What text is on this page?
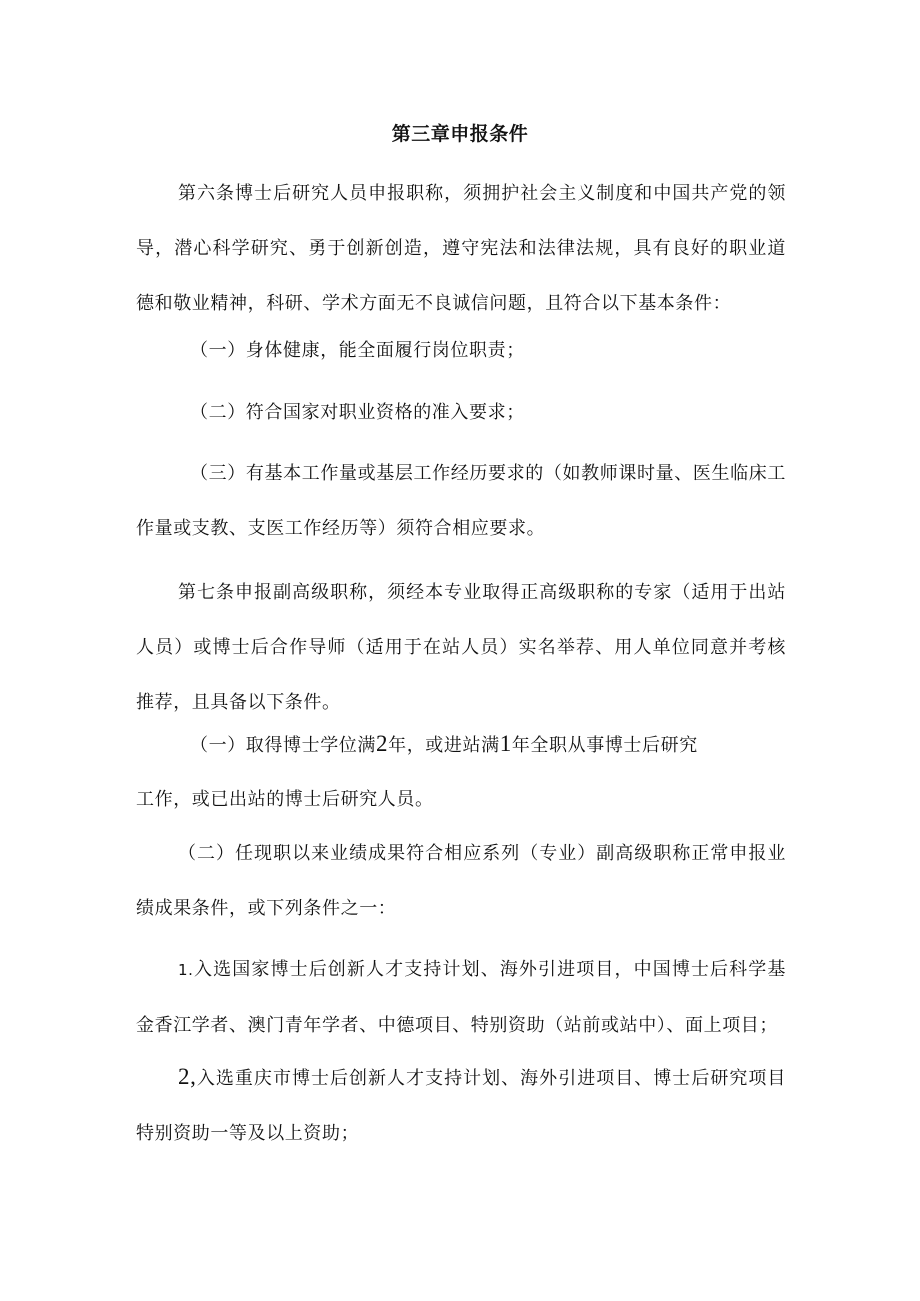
第三章申报条件
第六条博士后研究人员申报职称，须拥护社会主义制度和中国共产党的领导，潜心科学研究、勇于创新创造，遵守宪法和法律法规，具有良好的职业道德和敬业精神，科研、学术方面无不良诚信问题，且符合以下基本条件：
（一）身体健康，能全面履行岗位职责；
（二）符合国家对职业资格的准入要求；
（三）有基本工作量或基层工作经历要求的（如教师课时量、医生临床工作量或支教、支医工作经历等）须符合相应要求。
第七条申报副高级职称，须经本专业取得正高级职称的专家（适用于出站人员）或博士后合作导师（适用于在站人员）实名举荐、用人单位同意并考核推荐，且具备以下条件。
（一）取得博士学位满2年，或进站满1年全职从事博士后研究
工作，或已出站的博士后研究人员。
（二）任现职以来业绩成果符合相应系列（专业）副高级职称正常申报业绩成果条件，或下列条件之一：
1.入选国家博士后创新人才支持计划、海外引进项目，中国博士后科学基金香江学者、澳门青年学者、中德项目、特别资助（站前或站中）、面上项目；
2,入选重庆市博士后创新人才支持计划、海外引进项目、博士后研究项目特别资助一等及以上资助；
